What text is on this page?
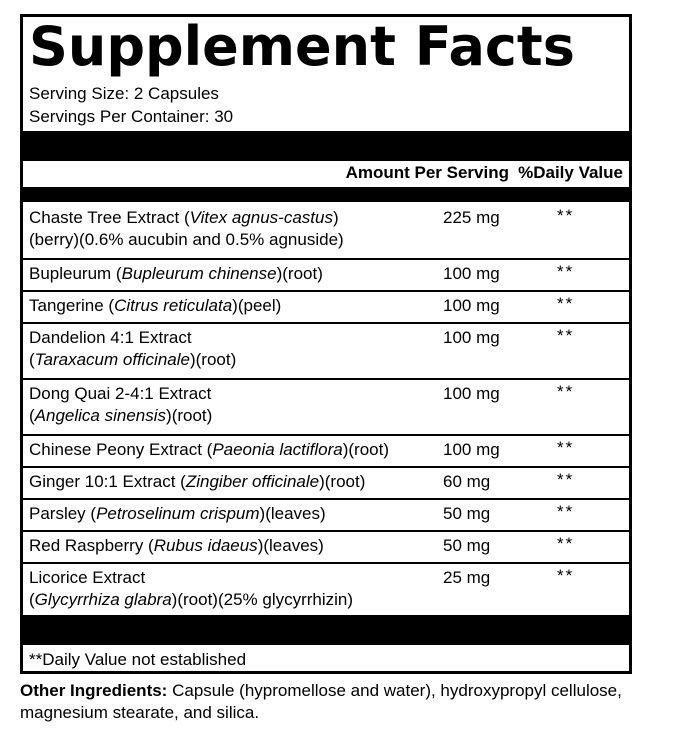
Supplement Facts
Serving Size: 2 Capsules
Servings Per Container: 30
Amount Per Serving %Daily Value
Chaste Tree Extract (Vitex agnus-castus)
(berry)(0.6% aucubin and 0.5% agnuside)
225 mg	**
Bupleurum (Bupleurum chinense)(root)	100 mg	**
Tangerine (Citrus reticulata)(peel)	100 mg	**
Dandelion 4:1 Extract
(Taraxacum officinale)(root)
100 mg	**
Dong Quai 2-4:1 Extract
(Angelica sinensis)(root)
100 mg	**
Chinese Peony Extract (Paeonia lactiflora)(root)	100 mg	**
Ginger 10:1 Extract (Zingiber officinale)(root)	60 mg	**
Parsley (Petroselinum crispum)(leaves)	50 mg	**
Red Raspberry (Rubus idaeus)(leaves)	50 mg	**
Licorice Extract
(Glycyrrhiza glabra)(root)(25% glycyrrhizin)
25 mg	**
**Daily Value not established
Other Ingredients: Capsule (hypromellose and water), hydroxypropyl cellulose, magnesium stearate, and silica.
